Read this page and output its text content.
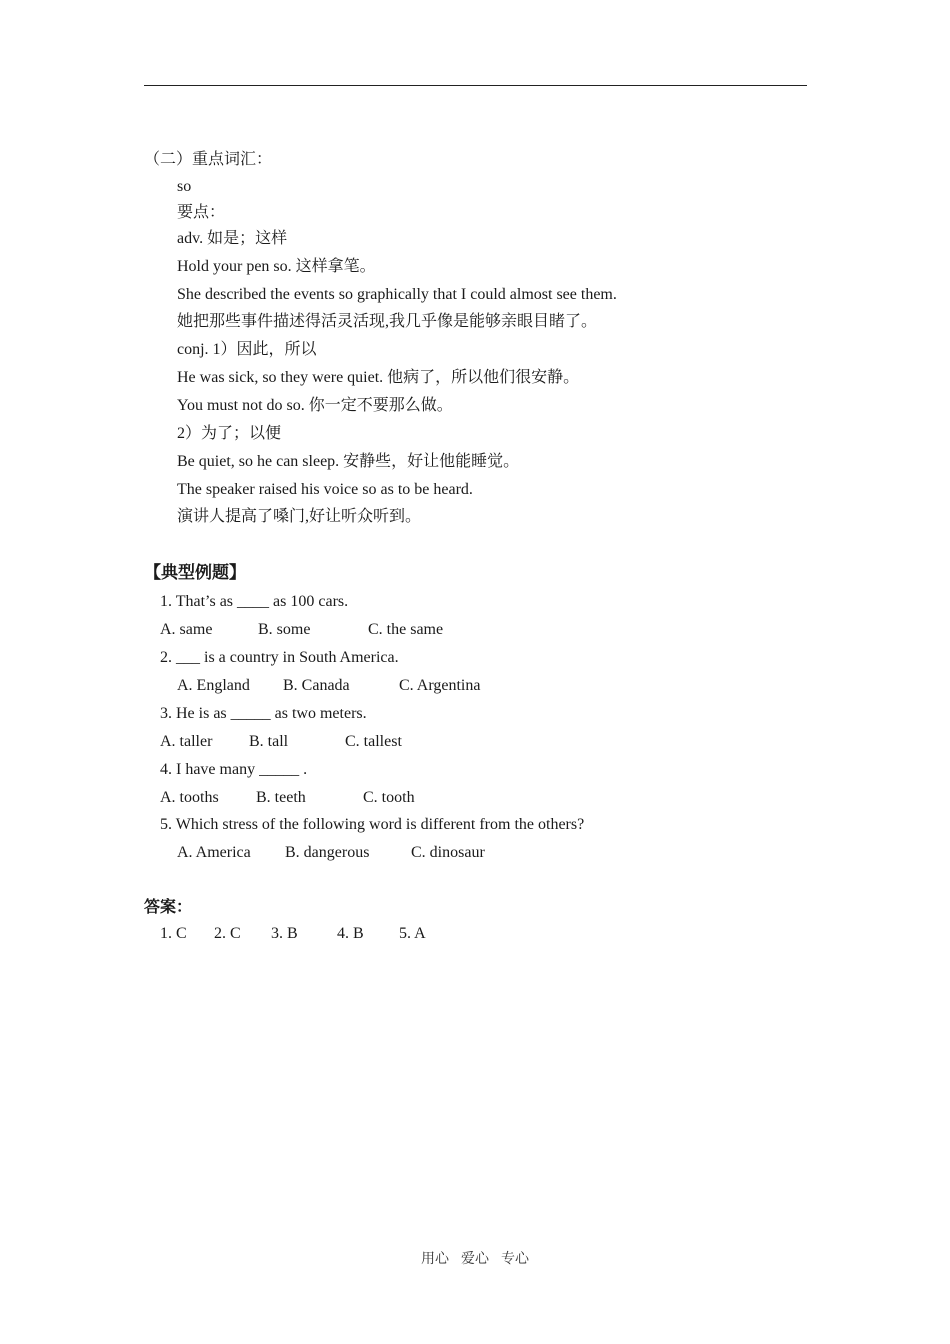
（二）重点词汇：
so
要点：
adv. 如是；这样
Hold your pen so. 这样拿笔。
She described the events so graphically that I could almost see them.
她把那些事件描述得活灵活现,我几乎像是能够亲眼目睹了。
conj. 1）因此，所以
He was sick, so they were quiet. 他病了，所以他们很安静。
You must not do so. 你一定不要那么做。
2）为了；以便
Be quiet, so he can sleep. 安静些，好让他能睡觉。
The speaker raised his voice so as to be heard.
演讲人提高了嗓门,好让听众听到。
【典型例题】
1. That’s as ____ as 100 cars.
A. same	B. some	C. the same
2. ___ is a country in South America.
A. England B. Canada	C. Argentina
3. He is as _____ as two meters.
A. taller B. tall	C. tallest
4. I have many _____ .
A. tooths B. teeth	C. tooth
5. Which stress of the following word is different from the others?
A. America B. dangerous	C. dinosaur
答案：
1. C 2. C 3. B 4. B 5. A
用心 爱心 专心
